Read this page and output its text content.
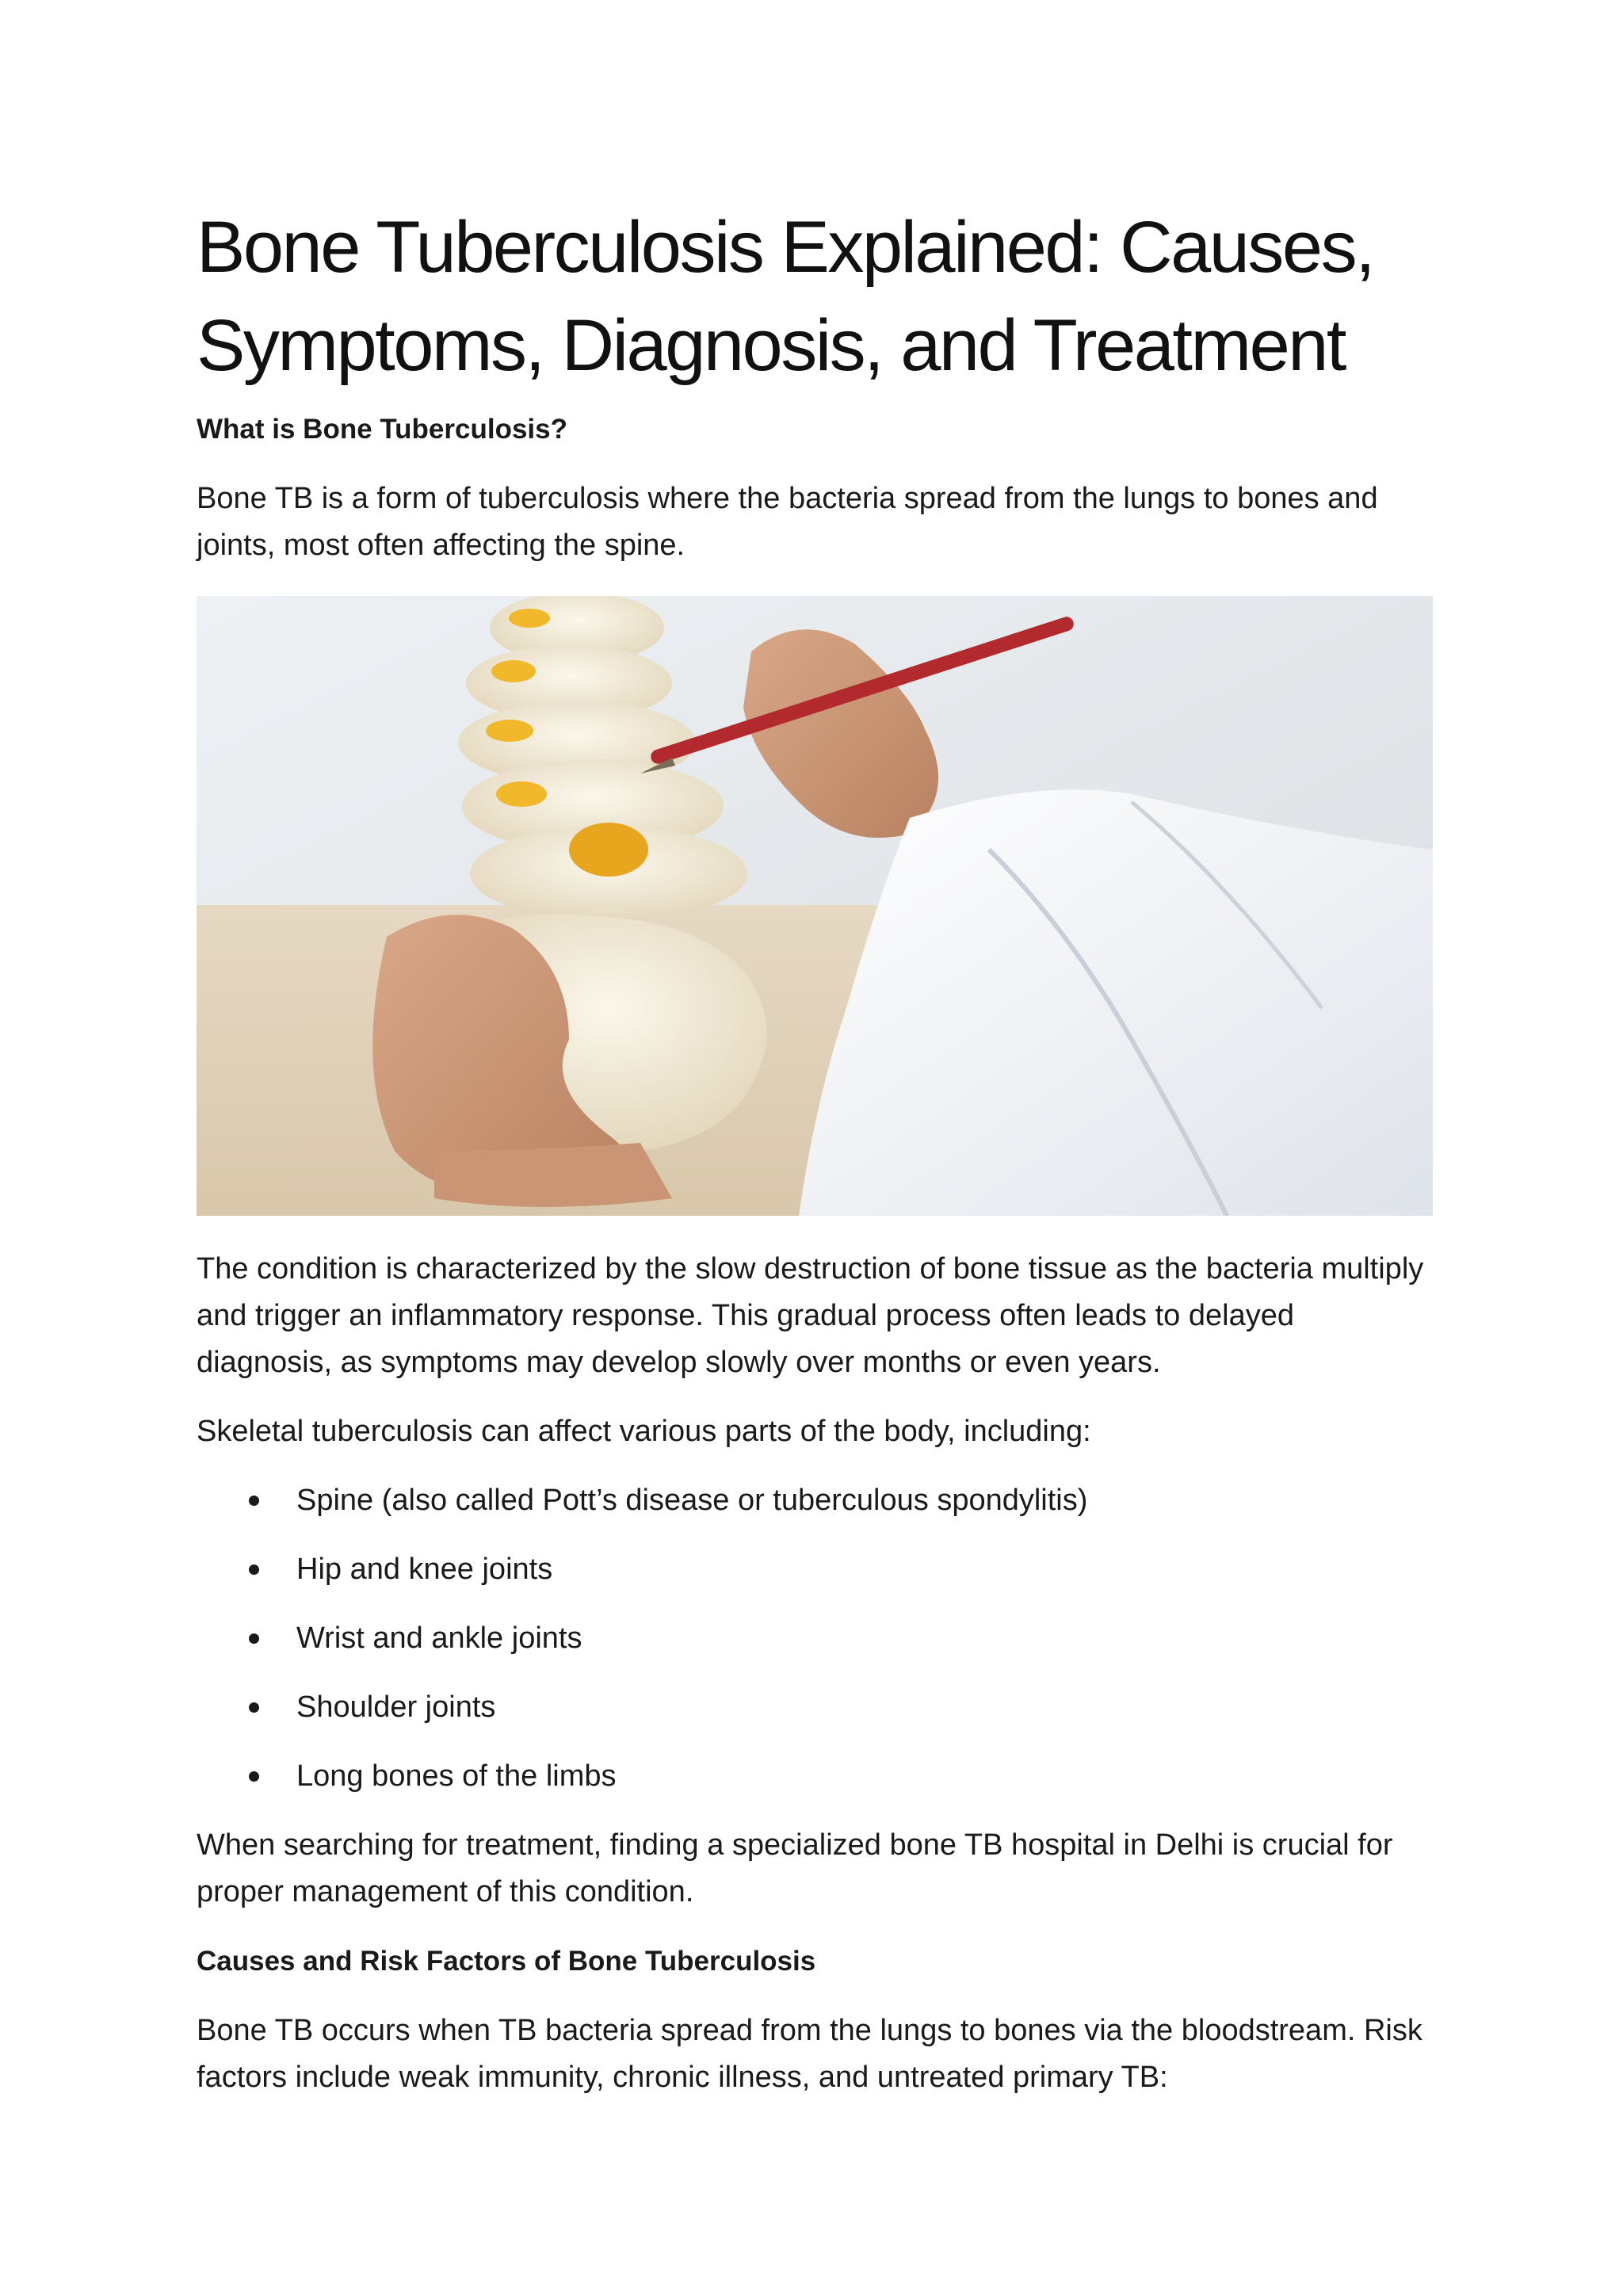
Bone Tuberculosis Explained: Causes,
Symptoms, Diagnosis, and Treatment
What is Bone Tuberculosis?

Bone TB is a form of tuberculosis where the bacteria spread from the lungs to bones and joints, most often affecting the spine.

The condition is characterized by the slow destruction of bone tissue as the bacteria multiply and trigger an inflammatory response. This gradual process often leads to delayed diagnosis, as symptoms may develop slowly over months or even years.

Skeletal tuberculosis can affect various parts of the body, including:

Spine (also called Pott’s disease or tuberculous spondylitis)
Hip and knee joints
Wrist and ankle joints
Shoulder joints
Long bones of the limbs

When searching for treatment, finding a specialized bone TB hospital in Delhi is crucial for proper management of this condition.

Causes and Risk Factors of Bone Tuberculosis

Bone TB occurs when TB bacteria spread from the lungs to bones via the bloodstream. Risk factors include weak immunity, chronic illness, and untreated primary TB:
